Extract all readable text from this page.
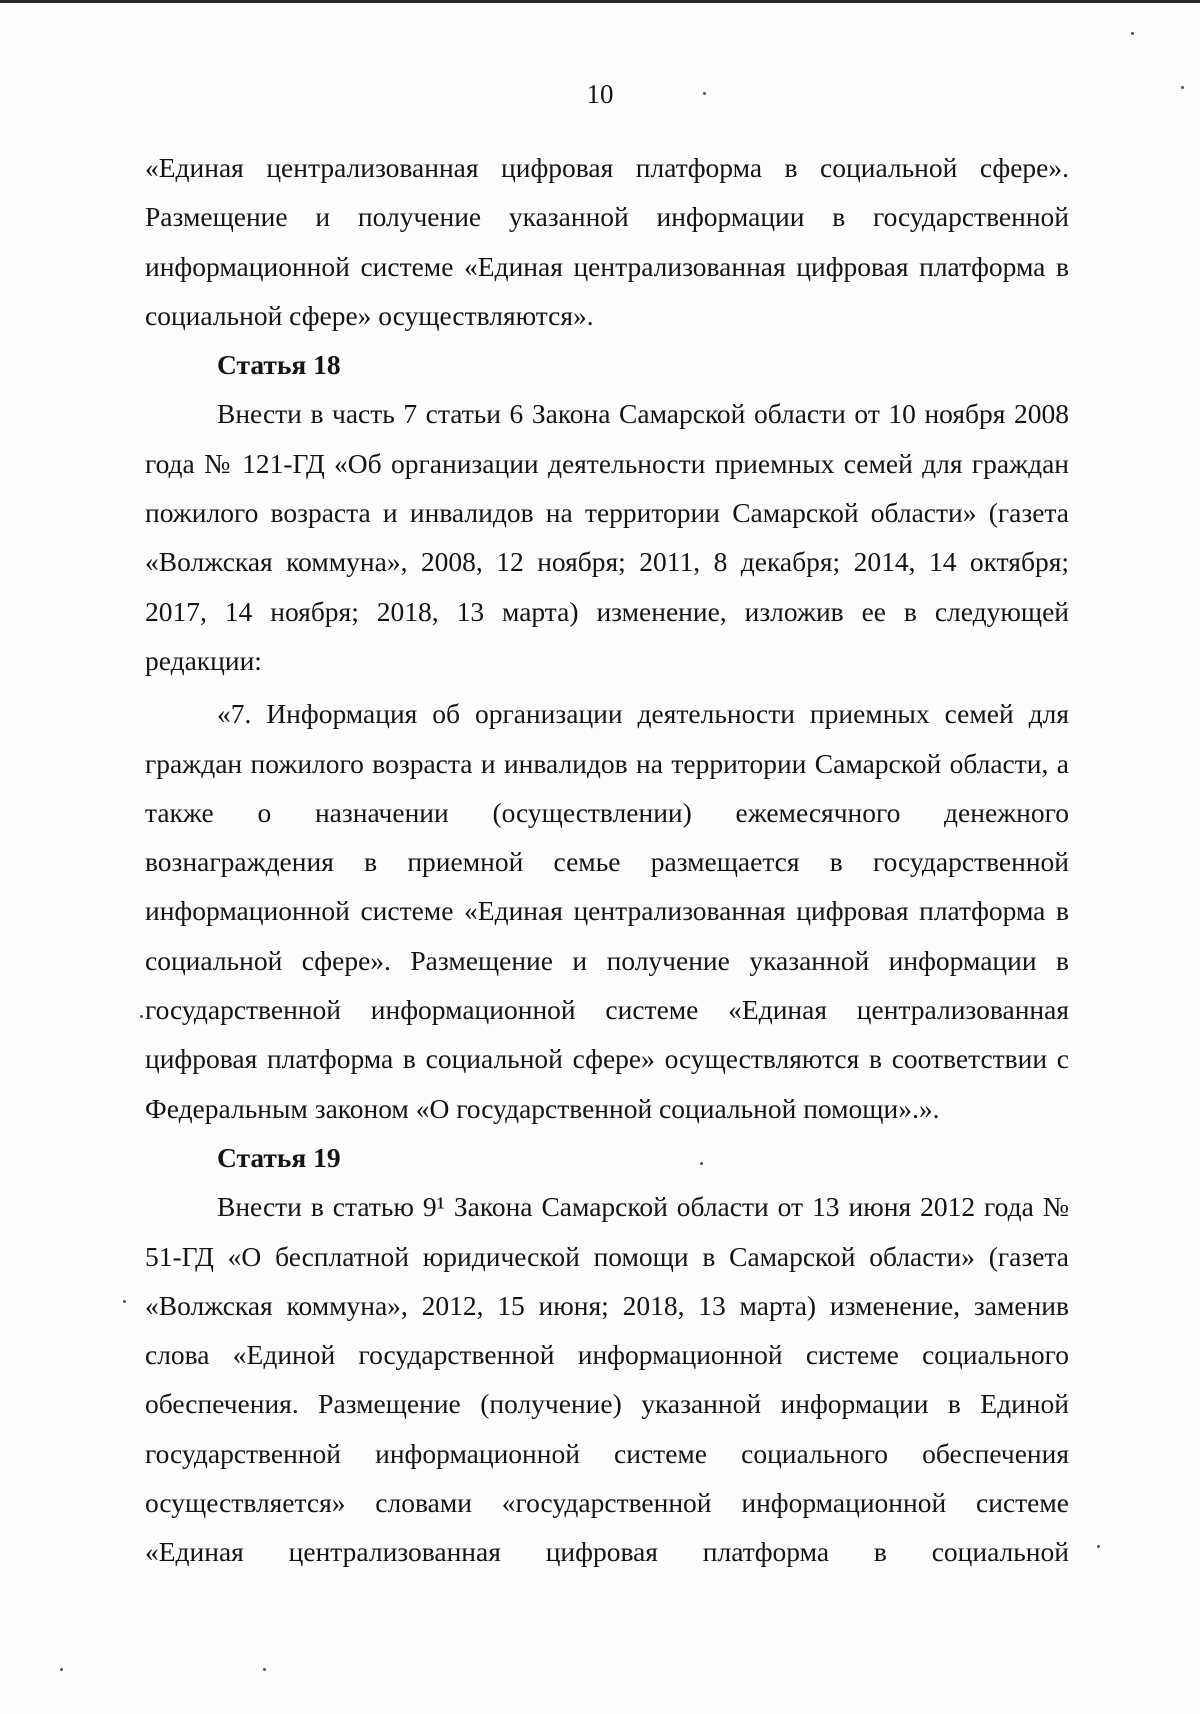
10

«Единая централизованная цифровая платформа в социальной сфере». Размещение и получение указанной информации в государственной информационной системе «Единая централизованная цифровая платформа в социальной сфере» осуществляются».

Статья 18

Внести в часть 7 статьи 6 Закона Самарской области от 10 ноября 2008 года № 121-ГД «Об организации деятельности приемных семей для граждан пожилого возраста и инвалидов на территории Самарской области» (газета «Волжская коммуна», 2008, 12 ноября; 2011, 8 декабря; 2014, 14 октября; 2017, 14 ноября; 2018, 13 марта) изменение, изложив ее в следующей редакции:

«7. Информация об организации деятельности приемных семей для граждан пожилого возраста и инвалидов на территории Самарской области, а также о назначении (осуществлении) ежемесячного денежного вознаграждения в приемной семье размещается в государственной информационной системе «Единая централизованная цифровая платформа в социальной сфере». Размещение и получение указанной информации в государственной информационной системе «Единая централизованная цифровая платформа в социальной сфере» осуществляются в соответствии с Федеральным законом «О государственной социальной помощи».».

Статья 19

Внести в статью 9¹ Закона Самарской области от 13 июня 2012 года № 51-ГД «О бесплатной юридической помощи в Самарской области» (газета «Волжская коммуна», 2012, 15 июня; 2018, 13 марта) изменение, заменив слова «Единой государственной информационной системе социального обеспечения. Размещение (получение) указанной информации в Единой государственной информационной системе социального обеспечения осуществляется» словами «государственной информационной системе «Единая централизованная цифровая платформа в социальной
